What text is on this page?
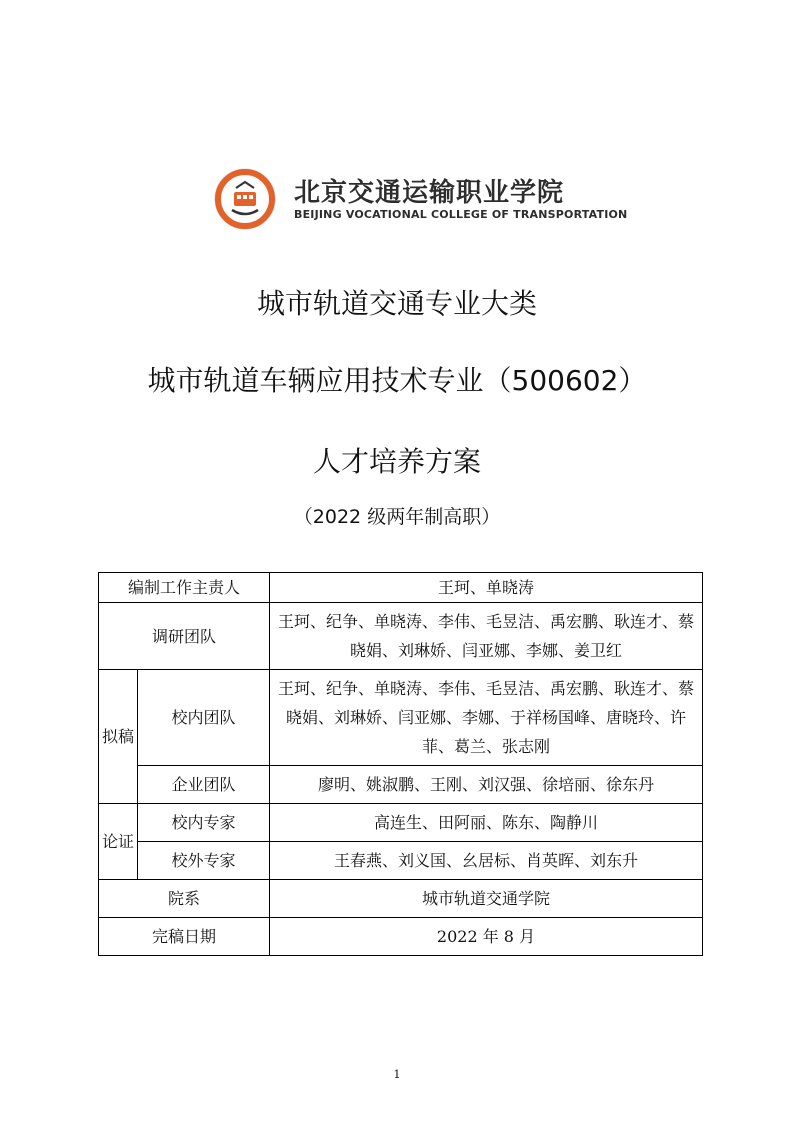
北京交通运输职业学院
BEIJING VOCATIONAL COLLEGE OF TRANSPORTATION
城市轨道交通专业大类
城市轨道车辆应用技术专业（500602）
人才培养方案
（2022 级两年制高职）
编制工作主责人		王珂、单晓涛
调研团队		王珂、纪争、单晓涛、李伟、毛昱洁、禹宏鹏、耿连才、蔡晓娟、刘琳娇、闫亚娜、李娜、姜卫红
拟稿	校内团队	王珂、纪争、单晓涛、李伟、毛昱洁、禹宏鹏、耿连才、蔡晓娟、刘琳娇、闫亚娜、李娜、于祥杨国峰、唐晓玲、许菲、葛兰、张志刚
	企业团队	廖明、姚淑鹏、王刚、刘汉强、徐培丽、徐东丹
论证	校内专家	高连生、田阿丽、陈东、陶静川
	校外专家	王春燕、刘义国、幺居标、肖英晖、刘东升
院系		城市轨道交通学院
完稿日期		2022 年 8 月
1
